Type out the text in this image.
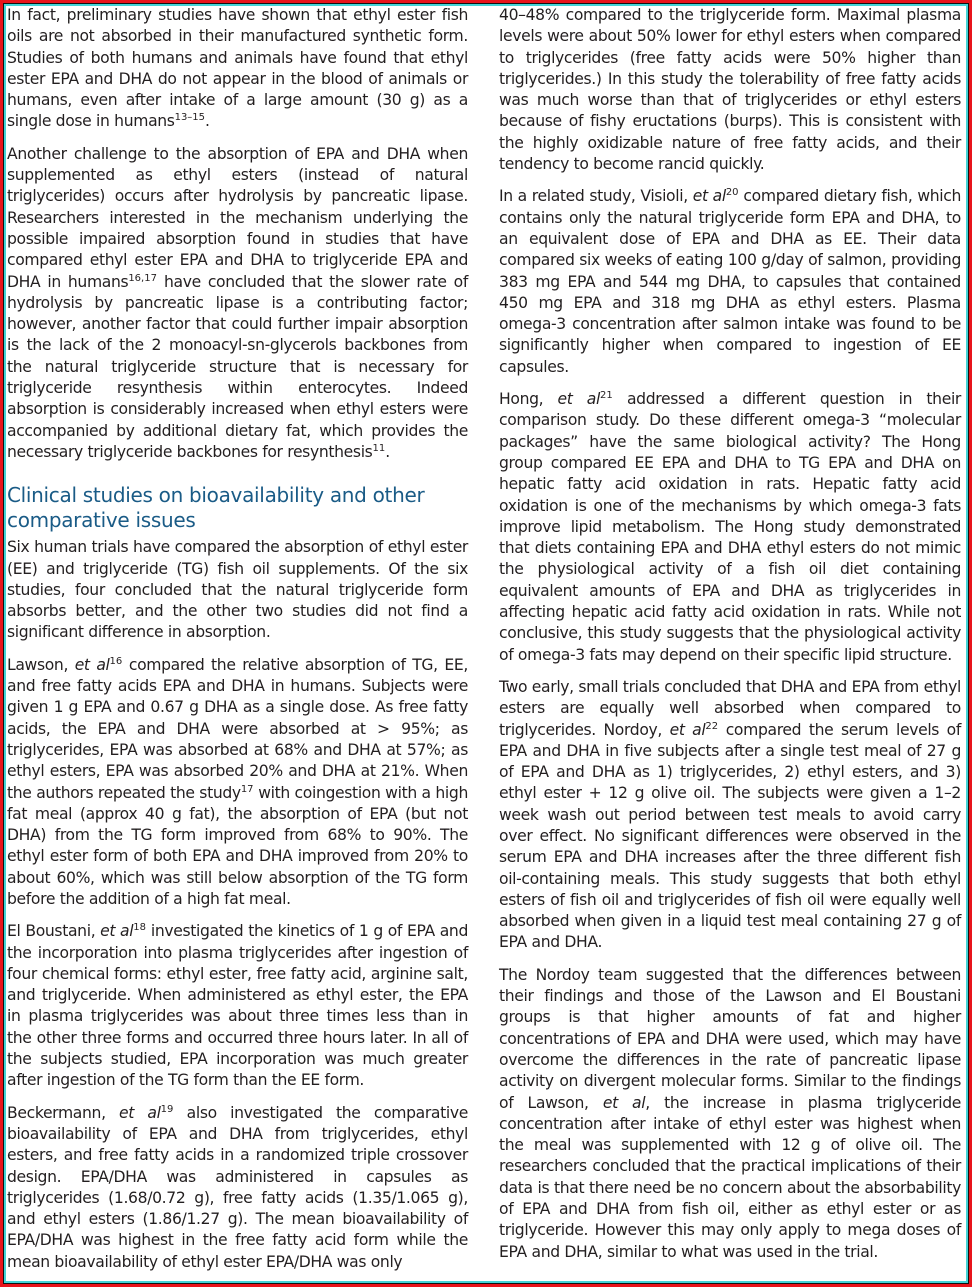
In fact, preliminary studies have shown that ethyl ester fish oils are not absorbed in their manufactured synthetic form. Studies of both humans and animals have found that ethyl ester EPA and DHA do not appear in the blood of animals or humans, even after intake of a large amount (30 g) as a single dose in humans$^{13-15}$.

Another challenge to the absorption of EPA and DHA when supplemented as ethyl esters (instead of natural triglycerides) occurs after hydrolysis by pancreatic lipase. Researchers interested in the mechanism underlying the possible impaired absorption found in studies that have compared ethyl ester EPA and DHA to triglyceride EPA and DHA in humans$^{16,17}$ have concluded that the slower rate of hydrolysis by pancreatic lipase is a contributing factor; however, another factor that could further impair absorption is the lack of the 2 monoacyl-sn-glycerols backbones from the natural triglyceride structure that is necessary for triglyceride resynthesis within enterocytes. Indeed absorption is considerably increased when ethyl esters were accompanied by additional dietary fat, which provides the necessary triglyceride backbones for resynthesis$^{11}$.

Clinical studies on bioavailability and other comparative issues

Six human trials have compared the absorption of ethyl ester (EE) and triglyceride (TG) fish oil supplements. Of the six studies, four concluded that the natural triglyceride form absorbs better, and the other two studies did not find a significant difference in absorption.

Lawson, et $al^{16}$ compared the relative absorption of TG, EE, and free fatty acids EPA and DHA in humans. Subjects were given 1 g EPA and 0.67 g DHA as a single dose. As free fatty acids, the EPA and DHA were absorbed at > 95%; as triglycerides, EPA was absorbed at 68% and DHA at 57%; as ethyl esters, EPA was absorbed 20% and DHA at 21%. When the authors repeated the study$^{17}$ with coingestion with a high fat meal (approx 40 g fat), the absorption of EPA (but not DHA) from the TG form improved from 68% to 90%. The ethyl ester form of both EPA and DHA improved from 20% to about 60%, which was still below absorption of the TG form before the addition of a high fat meal.

El Boustani, et $al^{18}$ investigated the kinetics of 1 g of EPA and the incorporation into plasma triglycerides after ingestion of four chemical forms: ethyl ester, free fatty acid, arginine salt, and triglyceride. When administered as ethyl ester, the EPA in plasma triglycerides was about three times less than in the other three forms and occurred three hours later. In all of the subjects studied, EPA incorporation was much greater after ingestion of the TG form than the EE form.

Beckermann, et $al^{19}$ also investigated the comparative bioavailability of EPA and DHA from triglycerides, ethyl esters, and free fatty acids in a randomized triple crossover design. EPA/DHA was administered in capsules as triglycerides (1.68/0.72 g), free fatty acids (1.35/1.065 g), and ethyl esters (1.86/1.27 g). The mean bioavailability of EPA/DHA was highest in the free fatty acid form while the mean bioavailability of ethyl ester EPA/DHA was only

40–48% compared to the triglyceride form. Maximal plasma levels were about 50% lower for ethyl esters when compared to triglycerides (free fatty acids were 50% higher than triglycerides.) In this study the tolerability of free fatty acids was much worse than that of triglycerides or ethyl esters because of fishy eructations (burps). This is consistent with the highly oxidizable nature of free fatty acids, and their tendency to become rancid quickly.

In a related study, Visioli, et $al^{20}$ compared dietary fish, which contains only the natural triglyceride form EPA and DHA, to an equivalent dose of EPA and DHA as EE. Their data compared six weeks of eating 100 g/day of salmon, providing 383 mg EPA and 544 mg DHA, to capsules that contained 450 mg EPA and 318 mg DHA as ethyl esters. Plasma omega-3 concentration after salmon intake was found to be significantly higher when compared to ingestion of EE capsules.

Hong, et $al^{21}$ addressed a different question in their comparison study. Do these different omega-3 “molecular packages” have the same biological activity? The Hong group compared EE EPA and DHA to TG EPA and DHA on hepatic fatty acid oxidation in rats. Hepatic fatty acid oxidation is one of the mechanisms by which omega-3 fats improve lipid metabolism. The Hong study demonstrated that diets containing EPA and DHA ethyl esters do not mimic the physiological activity of a fish oil diet containing equivalent amounts of EPA and DHA as triglycerides in affecting hepatic acid fatty acid oxidation in rats. While not conclusive, this study suggests that the physiological activity of omega-3 fats may depend on their specific lipid structure.

Two early, small trials concluded that DHA and EPA from ethyl esters are equally well absorbed when compared to triglycerides. Nordoy, et $al^{22}$ compared the serum levels of EPA and DHA in five subjects after a single test meal of 27 g of EPA and DHA as 1) triglycerides, 2) ethyl esters, and 3) ethyl ester + 12 g olive oil. The subjects were given a 1–2 week wash out period between test meals to avoid carry over effect. No significant differences were observed in the serum EPA and DHA increases after the three different fish oil-containing meals. This study suggests that both ethyl esters of fish oil and triglycerides of fish oil were equally well absorbed when given in a liquid test meal containing 27 g of EPA and DHA.

The Nordoy team suggested that the differences between their findings and those of the Lawson and El Boustani groups is that higher amounts of fat and higher concentrations of EPA and DHA were used, which may have overcome the differences in the rate of pancreatic lipase activity on divergent molecular forms. Similar to the findings of Lawson, et al, the increase in plasma triglyceride concentration after intake of ethyl ester was highest when the meal was supplemented with 12 g of olive oil. The researchers concluded that the practical implications of their data is that there need be no concern about the absorbability of EPA and DHA from fish oil, either as ethyl ester or as triglyceride. However this may only apply to mega doses of EPA and DHA, similar to what was used in the trial.
